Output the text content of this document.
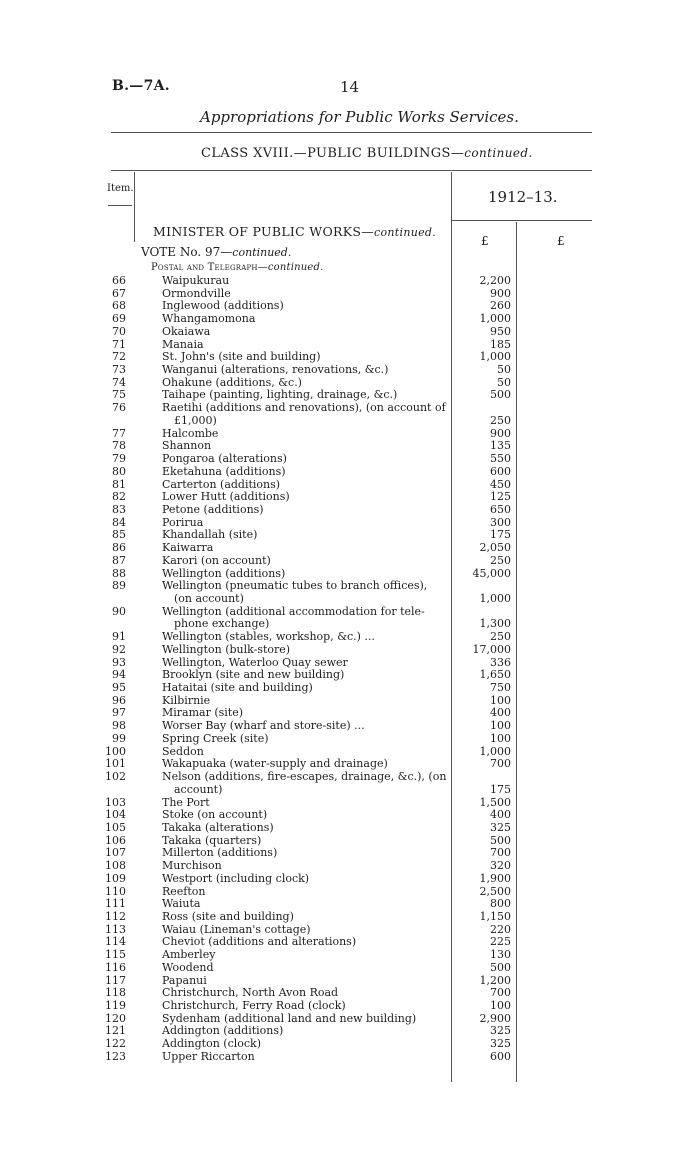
B.—7A.	14
Appropriations for Public Works Services.
CLASS XVIII.—PUBLIC BUILDINGS—continued.
Item.	1912–13.
£	£
MINISTER OF PUBLIC WORKS—continued.
VOTE No. 97—continued.
Postal and Telegraph—continued.
66	Waipukurau	2,200
67	Ormondville	900
68	Inglewood (additions)	260
69	Whangamomona	1,000
70	Okaiawa	950
71	Manaia	185
72	St. John's (site and building)	1,000
73	Wanganui (alterations, renovations, &c.)	50
74	Ohakune (additions, &c.)	50
75	Taihape (painting, lighting, drainage, &c.)	500
76	Raetihi (additions and renovations), (on account of
£1,000)	250
77	Halcombe	900
78	Shannon	135
79	Pongaroa (alterations)	550
80	Eketahuna (additions)	600
81	Carterton (additions)	450
82	Lower Hutt (additions)	125
83	Petone (additions)	650
84	Porirua	300
85	Khandallah (site)	175
86	Kaiwarra	2,050
87	Karori (on account)	250
88	Wellington (additions)	45,000
89	Wellington (pneumatic tubes to branch offices),
(on account)	1,000
90	Wellington (additional accommodation for tele-
phone exchange)	1,300
91	Wellington (stables, workshop, &c.) ...	250
92	Wellington (bulk-store)	17,000
93	Wellington, Waterloo Quay sewer	336
94	Brooklyn (site and new building)	1,650
95	Hataitai (site and building)	750
96	Kilbirnie	100
97	Miramar (site)	400
98	Worser Bay (wharf and store-site) ...	100
99	Spring Creek (site)	100
100	Seddon	1,000
101	Wakapuaka (water-supply and drainage)	700
102	Nelson (additions, fire-escapes, drainage, &c.), (on
account)	175
103	The Port	1,500
104	Stoke (on account)	400
105	Takaka (alterations)	325
106	Takaka (quarters)	500
107	Millerton (additions)	700
108	Murchison	320
109	Westport (including clock)	1,900
110	Reefton	2,500
111	Waiuta	800
112	Ross (site and building)	1,150
113	Waiau (Lineman's cottage)	220
114	Cheviot (additions and alterations)	225
115	Amberley	130
116	Woodend	500
117	Papanui	1,200
118	Christchurch, North Avon Road	700
119	Christchurch, Ferry Road (clock)	100
120	Sydenham (additional land and new building)	2,900
121	Addington (additions)	325
122	Addington (clock)	325
123	Upper Riccarton	600
